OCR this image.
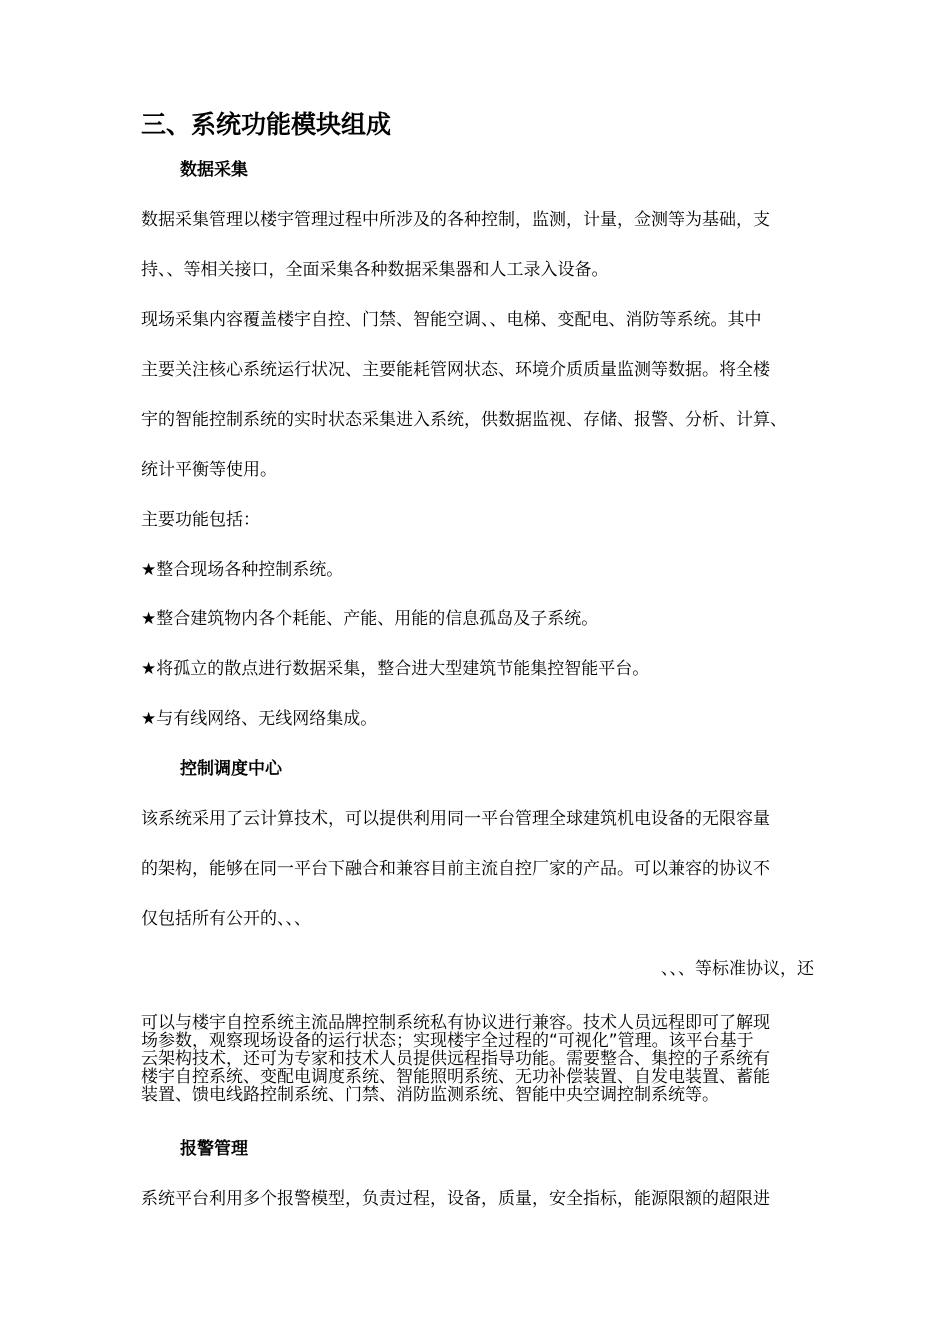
三、系统功能模块组成
数据采集
数据采集管理以楼宇管理过程中所涉及的各种控制，监测，计量，佥测等为基础，支
持、、等相关接口，全面采集各种数据采集器和人工录入设备。
现场采集内容覆盖楼宇自控、门禁、智能空调、、电梯、变配电、消防等系统。其中
主要关注核心系统运行状况、主要能耗管网状态、环境介质质量监测等数据。将全楼
宇的智能控制系统的实时状态采集进入系统，供数据监视、存储、报警、分析、计算、
统计平衡等使用。
主要功能包括：
★整合现场各种控制系统。
★整合建筑物内各个耗能、产能、用能的信息孤岛及子系统。
★将孤立的散点进行数据采集，整合进大型建筑节能集控智能平台。
★与有线网络、无线网络集成。
控制调度中心
该系统采用了云计算技术，可以提供利用同一平台管理全球建筑机电设备的无限容量
的架构，能够在同一平台下融合和兼容目前主流自控厂家的产品。可以兼容的协议不
仅包括所有公开的、、、
、、、等标准协议，还
可以与楼宇自控系统主流品牌控制系统私有协议进行兼容。技术人员远程即可了解现
场参数，观察现场设备的运行状态；实现楼宇全过程的“可视化”管理。该平台基于
云架构技术，还可为专家和技术人员提供远程指导功能。需要整合、集控的子系统有
楼宇自控系统、变配电调度系统、智能照明系统、无功补偿装置、自发电装置、蓄能
装置、馈电线路控制系统、门禁、消防监测系统、智能中央空调控制系统等。
报警管理
系统平台利用多个报警模型，负责过程，设备，质量，安全指标，能源限额的超限进
